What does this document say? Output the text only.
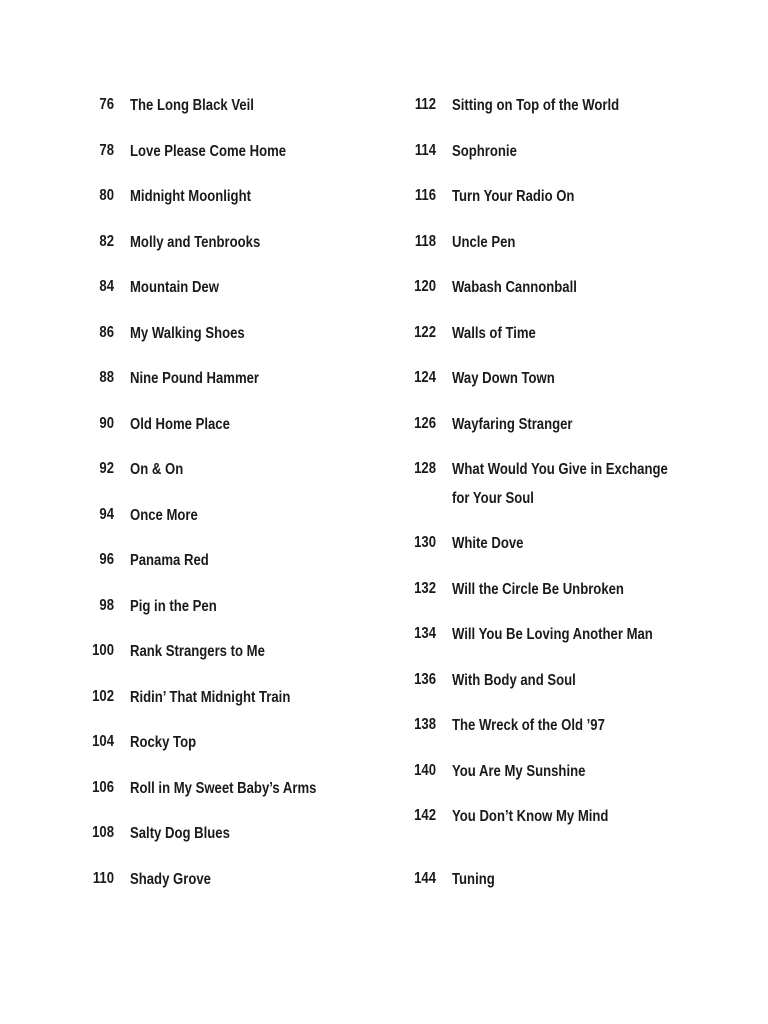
76 The Long Black Veil
78 Love Please Come Home
80 Midnight Moonlight
82 Molly and Tenbrooks
84 Mountain Dew
86 My Walking Shoes
88 Nine Pound Hammer
90 Old Home Place
92 On & On
94 Once More
96 Panama Red
98 Pig in the Pen
100 Rank Strangers to Me
102 Ridin’ That Midnight Train
104 Rocky Top
106 Roll in My Sweet Baby’s Arms
108 Salty Dog Blues
110 Shady Grove
112 Sitting on Top of the World
114 Sophronie
116 Turn Your Radio On
118 Uncle Pen
120 Wabash Cannonball
122 Walls of Time
124 Way Down Town
126 Wayfaring Stranger
128 What Would You Give in Exchange
for Your Soul
130 White Dove
132 Will the Circle Be Unbroken
134 Will You Be Loving Another Man
136 With Body and Soul
138 The Wreck of the Old ’97
140 You Are My Sunshine
142 You Don’t Know My Mind
144 Tuning
